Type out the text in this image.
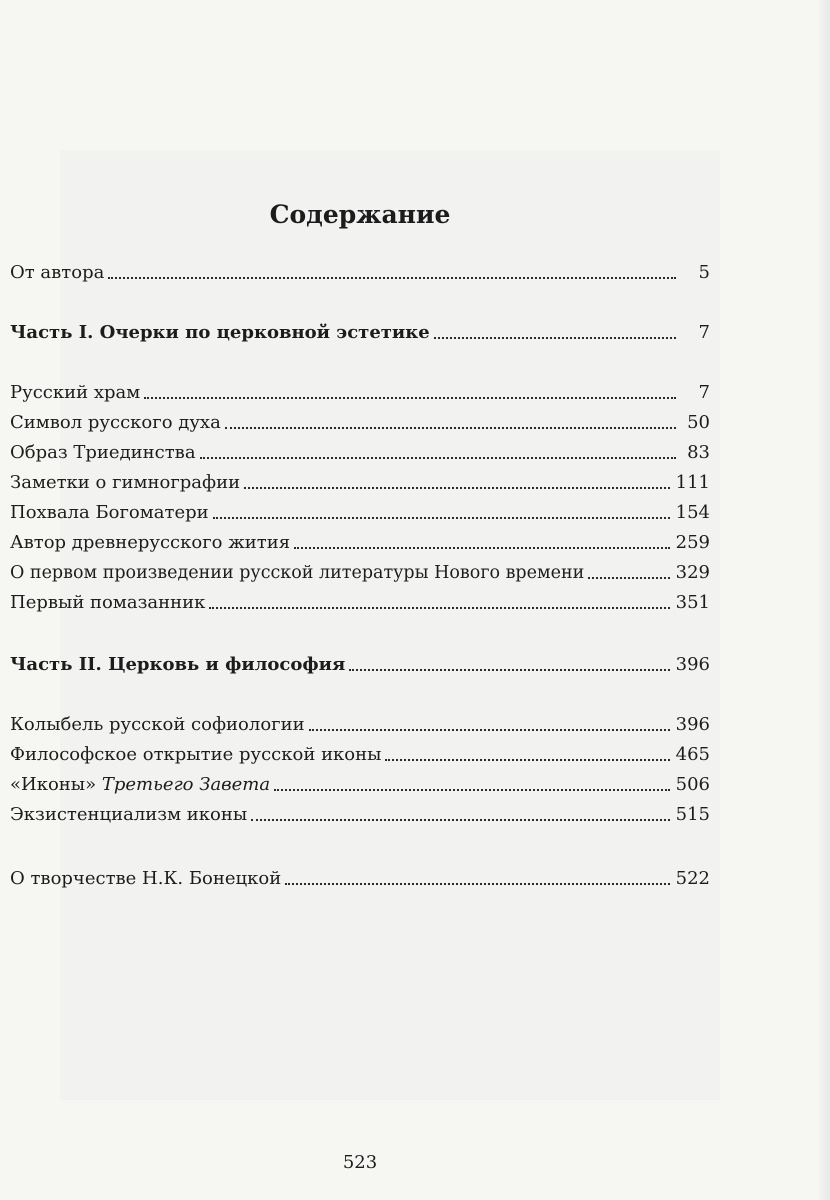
Содержание
От автора	5
Часть I. Очерки по церковной эстетике	7
Русский храм	7
Символ русского духа	50
Образ Триединства	83
Заметки о гимнографии	111
Похвала Богоматери	154
Автор древнерусского жития	259
О первом произведении русской литературы Нового времени	329
Первый помазанник	351
Часть II. Церковь и философия	396
Колыбель русской софиологии	396
Философское открытие русской иконы	465
«Иконы» Третьего Завета	506
Экзистенциализм иконы	515
О творчестве Н.К. Бонецкой	522
523
